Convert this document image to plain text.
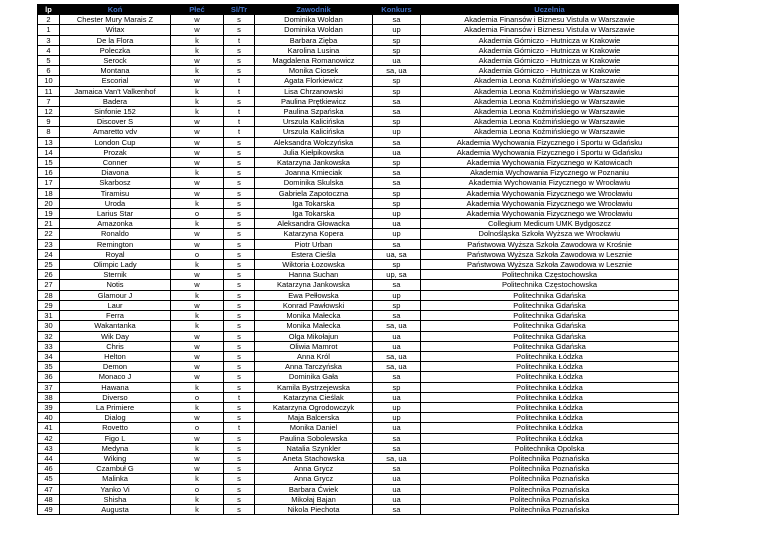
lp	Koń	Płeć	Sl/Tr	Zawodnik	Konkurs	Uczelnia
2	Chester Mury Marais Z	w	s	Dominika Woldan	sa	Akademia Finansów i Biznesu Vistula w Warszawie
1	Witax	w	s	Dominika Woldan	up	Akademia Finansów i Biznesu Vistula w Warszawie
3	De la Flora	k	t	Barbara Zięba	sp	Akademia Górniczo - Hutnicza w Krakowie
4	Poleczka	k	s	Karolina Lusina	sp	Akademia Górniczo - Hutnicza w Krakowie
5	Serock	w	s	Magdalena Romanowicz	ua	Akademia Górniczo - Hutnicza w Krakowie
6	Montana	k	s	Monika Ciosek	sa, ua	Akademia Górniczo - Hutnicza w Krakowie
10	Escorial	w	t	Agata Florkiewicz	sp	Akademia Leona Koźmińskiego w Warszawie
11	Jamaica Van't Valkenhof	k	t	Lisa Chrzanowski	sp	Akademia Leona Koźmińskiego w Warszawie
7	Badera	k	s	Paulina Prętkiewicz	sa	Akademia Leona Koźmińskiego w Warszawie
12	Sinfonie 152	k	t	Paulina Szpańska	sa	Akademia Leona Koźmińskiego w Warszawie
9	Discover S	w	t	Urszula Kalicińska	sp	Akademia Leona Koźmińskiego w Warszawie
8	Amaretto vdv	w	t	Urszula Kalicińska	up	Akademia Leona Koźmińskiego w Warszawie
13	London Cup	w	s	Aleksandra Wołczyńska	sa	Akademia Wychowania Fizycznego i Sportu w Gdańsku
14	Prozak	w	s	Julia Kiełpikowska	ua	Akademia Wychowania Fizycznego i Sportu w Gdańsku
15	Conner	w	s	Katarzyna Jankowska	sp	Akademia Wychowania Fizycznego w Katowicach
16	Diavona	k	s	Joanna Kmieciak	sa	Akademia Wychowania Fizycznego w Poznaniu
17	Skarbosz	w	s	Dominika Skulska	sa	Akademia Wychowania Fizycznego w Wrocławiu
18	Tiramisu	w	s	Gabriela Zapotoczna	sp	Akademia Wychowania Fizycznego we Wrocławiu
20	Uroda	k	s	Iga Tokarska	sp	Akademia Wychowania Fizycznego we Wrocławiu
19	Larius Star	o	s	Iga Tokarska	up	Akademia Wychowania Fizycznego we Wrocławiu
21	Amazonka	k	s	Aleksandra Głowacka	ua	Collegium Medicum UMK Bydgoszcz
22	Ronaldo	w	s	Katarzyna Kopera	up	Dolnośląska Szkoła Wyższa we Wrocławiu
23	Remington	w	s	Piotr Urban	sa	Państwowa Wyższa Szkoła Zawodowa w Krośnie
24	Royal	o	s	Estera Cieśla	ua, sa	Państwowa Wyższa Szkoła Zawodowa w Lesznie
25	Olimpic Lady	k	s	Wiktoria Łozowska	sp	Państwowa Wyższa Szkoła Zawodowa w Lesznie
26	Sternik	w	s	Hanna Suchan	up, sa	Politechnika Częstochowska
27	Notis	w	s	Katarzyna Jankowska	sa	Politechnika Częstochowska
28	Glamour J	k	s	Ewa Pełłowska	up	Politechnika Gdańska
29	Laur	w	s	Konrad Pawłowski	sp	Politechnika Gdańska
31	Ferra	k	s	Monika Małecka	sa	Politechnika Gdańska
30	Wakantanka	k	s	Monika Małecka	sa, ua	Politechnika Gdańska
32	Wik Day	w	s	Olga Mikołajun	ua	Politechnika Gdańska
33	Chris	w	s	Oliwia Mamrot	ua	Politechnika Gdańska
34	Helton	w	s	Anna Król	sa, ua	Politechnika Łódzka
35	Demon	w	s	Anna Tarczyńska	sa, ua	Politechnika Łódzka
36	Monaco J	w	s	Dominika Gała	sa	Politechnika Łódzka
37	Hawana	k	s	Kamila Bystrzejewska	sp	Politechnika Łódzka
38	Diverso	o	t	Katarzyna Cieślak	ua	Politechnika Łódzka
39	La Primiere	k	s	Katarzyna Ogrodowczyk	up	Politechnika Łódzka
40	Dialog	w	s	Maja Balcerska	up	Politechnika Łódzka
41	Rovetto	o	t	Monika Daniel	ua	Politechnika Łódzka
42	Figo L	w	s	Paulina Sobolewska	sa	Politechnika Łódzka
43	Medyna	k	s	Natalia Szynkler	sa	Politechnika Opolska
44	Wiking	w	s	Aneta Stachowska	sa, ua	Politechnika Poznańska
46	Czambuł G	w	s	Anna Grycz	sa	Politechnika Poznańska
45	Malinka	k	s	Anna Grycz	ua	Politechnika Poznańska
47	Yanko Vi	o	s	Barbara Ćwiek	ua	Politechnika Poznańska
48	Shisha	k	s	Mikołaj Bajan	ua	Politechnika Poznańska
49	Augusta	k	s	Nikola Piechota	sa	Politechnika Poznańska
